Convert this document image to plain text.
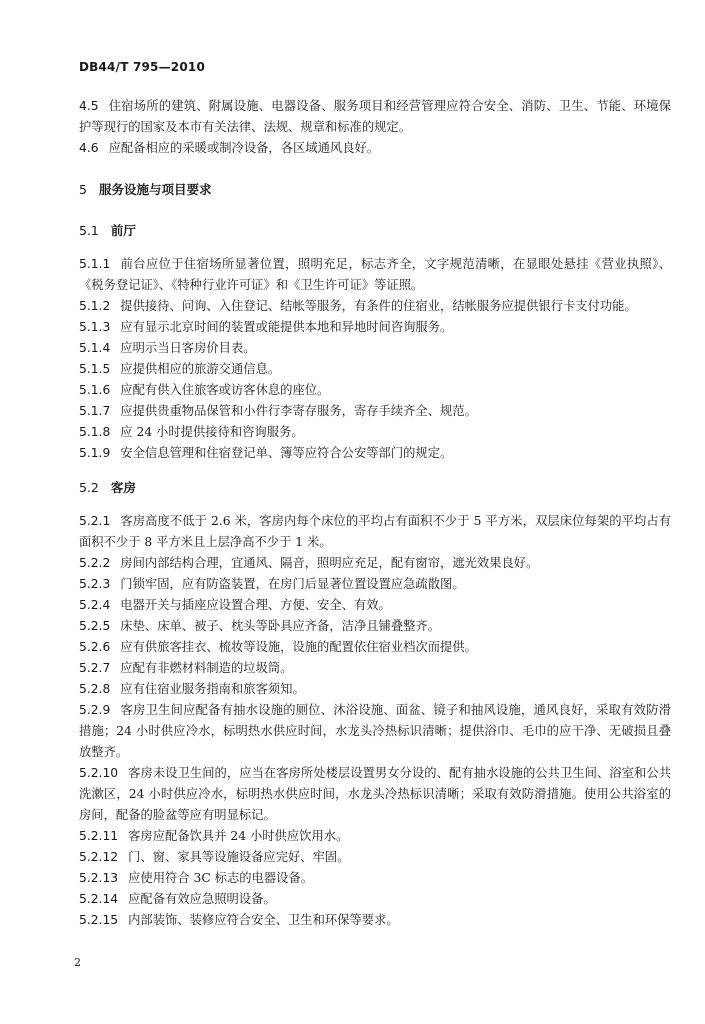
DB44/T 795—2010

4.5 住宿场所的建筑、附属设施、电器设备、服务项目和经营管理应符合安全、消防、卫生、节能、环境保护等现行的国家及本市有关法律、法规、规章和标准的规定。

4.6 应配备相应的采暖或制冷设备，各区域通风良好。

5 服务设施与项目要求

5.1 前厅

5.1.1 前台应位于住宿场所显著位置，照明充足，标志齐全，文字规范清晰，在显眼处悬挂《营业执照》、《税务登记证》、《特种行业许可证》和《卫生许可证》等证照。

5.1.2 提供接待、问询、入住登记、结帐等服务，有条件的住宿业，结帐服务应提供银行卡支付功能。

5.1.3 应有显示北京时间的装置或能提供本地和异地时间咨询服务。

5.1.4 应明示当日客房价目表。

5.1.5 应提供相应的旅游交通信息。

5.1.6 应配有供入住旅客或访客休息的座位。

5.1.7 应提供贵重物品保管和小件行李寄存服务，寄存手续齐全、规范。

5.1.8 应 24 小时提供接待和咨询服务。

5.1.9 安全信息管理和住宿登记单、簿等应符合公安等部门的规定。

5.2 客房

5.2.1 客房高度不低于 2.6 米，客房内每个床位的平均占有面积不少于 5 平方米，双层床位每架的平均占有面积不少于 8 平方米且上层净高不少于 1 米。

5.2.2 房间内部结构合理，宜通风、隔音，照明应充足，配有窗帘，遮光效果良好。

5.2.3 门锁牢固，应有防盗装置，在房门后显著位置设置应急疏散图。

5.2.4 电器开关与插座应设置合理、方便、安全、有效。

5.2.5 床垫、床单、被子、枕头等卧具应齐备，洁净且铺叠整齐。

5.2.6 应有供旅客挂衣、梳妆等设施，设施的配置依住宿业档次而提供。

5.2.7 应配有非燃材料制造的垃圾筒。

5.2.8 应有住宿业服务指南和旅客须知。

5.2.9 客房卫生间应配备有抽水设施的厕位、沐浴设施、面盆、镜子和抽风设施，通风良好，采取有效防滑措施；24 小时供应冷水，标明热水供应时间，水龙头冷热标识清晰；提供浴巾、毛巾的应干净、无破损且叠放整齐。

5.2.10 客房未设卫生间的，应当在客房所处楼层设置男女分设的、配有抽水设施的公共卫生间、浴室和公共洗漱区，24 小时供应冷水，标明热水供应时间，水龙头冷热标识清晰；采取有效防滑措施。使用公共浴室的房间，配备的脸盆等应有明显标记。

5.2.11 客房应配备饮具并 24 小时供应饮用水。

5.2.12 门、窗、家具等设施设备应完好、牢固。

5.2.13 应使用符合 3C 标志的电器设备。

5.2.14 应配备有效应急照明设备。

5.2.15 内部装饰、装修应符合安全、卫生和环保等要求。

2
